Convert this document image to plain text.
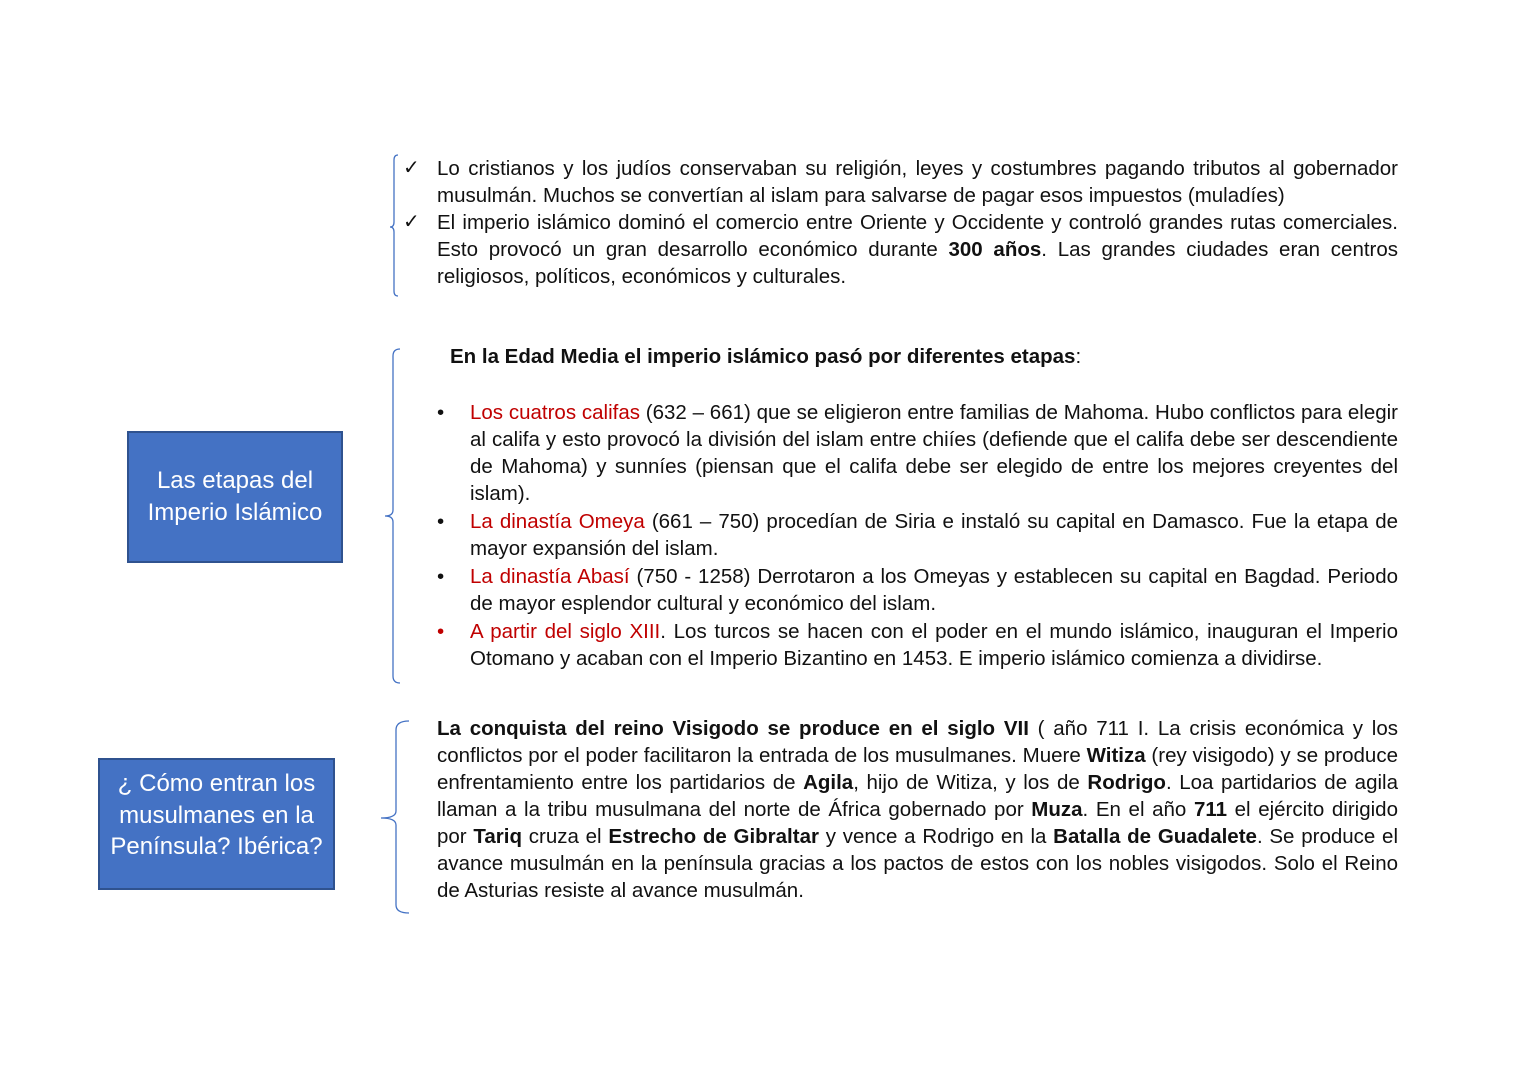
✓ Lo cristianos y los judíos conservaban su religión, leyes y costumbres pagando tributos al gobernador musulmán. Muchos se convertían al islam para salvarse de pagar esos impuestos (muladíes)
✓ El imperio islámico dominó el comercio entre Oriente y Occidente y controló grandes rutas comerciales. Esto provocó un gran desarrollo económico durante 300 años. Las grandes ciudades eran centros religiosos, políticos, económicos y culturales.
Las etapas del Imperio Islámico
En la Edad Media el imperio islámico pasó por diferentes etapas:
• Los cuatros califas (632 – 661) que se eligieron entre familias de Mahoma. Hubo conflictos para elegir al califa y esto provocó la división del islam entre chiíes (defiende que el califa debe ser descendiente de Mahoma) y sunníes (piensan que el califa debe ser elegido de entre los mejores creyentes del islam).
• La dinastía Omeya (661 – 750) procedían de Siria e instaló su capital en Damasco. Fue la etapa de mayor expansión del islam.
• La dinastía Abasí (750 - 1258) Derrotaron a los Omeyas y establecen su capital en Bagdad. Periodo de mayor esplendor cultural y económico del islam.
• A partir del siglo XIII. Los turcos se hacen con el poder en el mundo islámico, inauguran el Imperio Otomano y acaban con el Imperio Bizantino en 1453. E imperio islámico comienza a dividirse.
¿ Cómo entran los musulmanes en la Península? Ibérica?
La conquista del reino Visigodo se produce en el siglo VII ( año 711 I. La crisis económica y los conflictos por el poder facilitaron la entrada de los musulmanes. Muere Witiza (rey visigodo) y se produce enfrentamiento entre los partidarios de Agila, hijo de Witiza, y los de Rodrigo. Loa partidarios de agila llaman a la tribu musulmana del norte de África gobernado por Muza. En el año 711 el ejército dirigido por Tariq cruza el Estrecho de Gibraltar y vence a Rodrigo en la Batalla de Guadalete. Se produce el avance musulmán en la península gracias a los pactos de estos con los nobles visigodos. Solo el Reino de Asturias resiste al avance musulmán.
